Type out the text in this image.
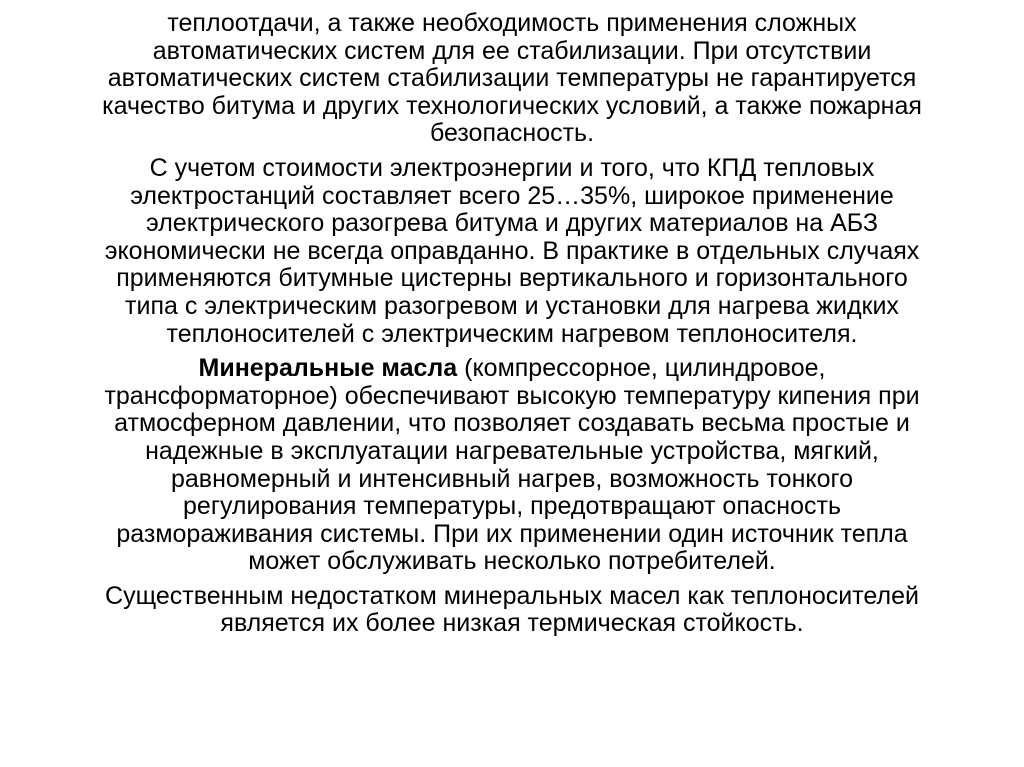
теплоотдачи, а также необходимость применения сложных
автоматических систем для ее стабилизации. При отсутствии
автоматических систем стабилизации температуры не гарантируется
качество битума и других технологических условий, а также пожарная
безопасность.

С учетом стоимости электроэнергии и того, что КПД тепловых
электростанций составляет всего 25…35%, широкое применение
электрического разогрева битума и других материалов на АБЗ
экономически не всегда оправданно. В практике в отдельных случаях
применяются битумные цистерны вертикального и горизонтального
типа с электрическим разогревом и установки для нагрева жидких
теплоносителей с электрическим нагревом теплоносителя.

Минеральные масла (компрессорное, цилиндровое,
трансформаторное) обеспечивают высокую температуру кипения при
атмосферном давлении, что позволяет создавать весьма простые и
надежные в эксплуатации нагревательные устройства, мягкий,
равномерный и интенсивный нагрев, возможность тонкого
регулирования температуры, предотвращают опасность
размораживания системы. При их применении один источник тепла
может обслуживать несколько потребителей.

Существенным недостатком минеральных масел как теплоносителей
является их более низкая термическая стойкость.
